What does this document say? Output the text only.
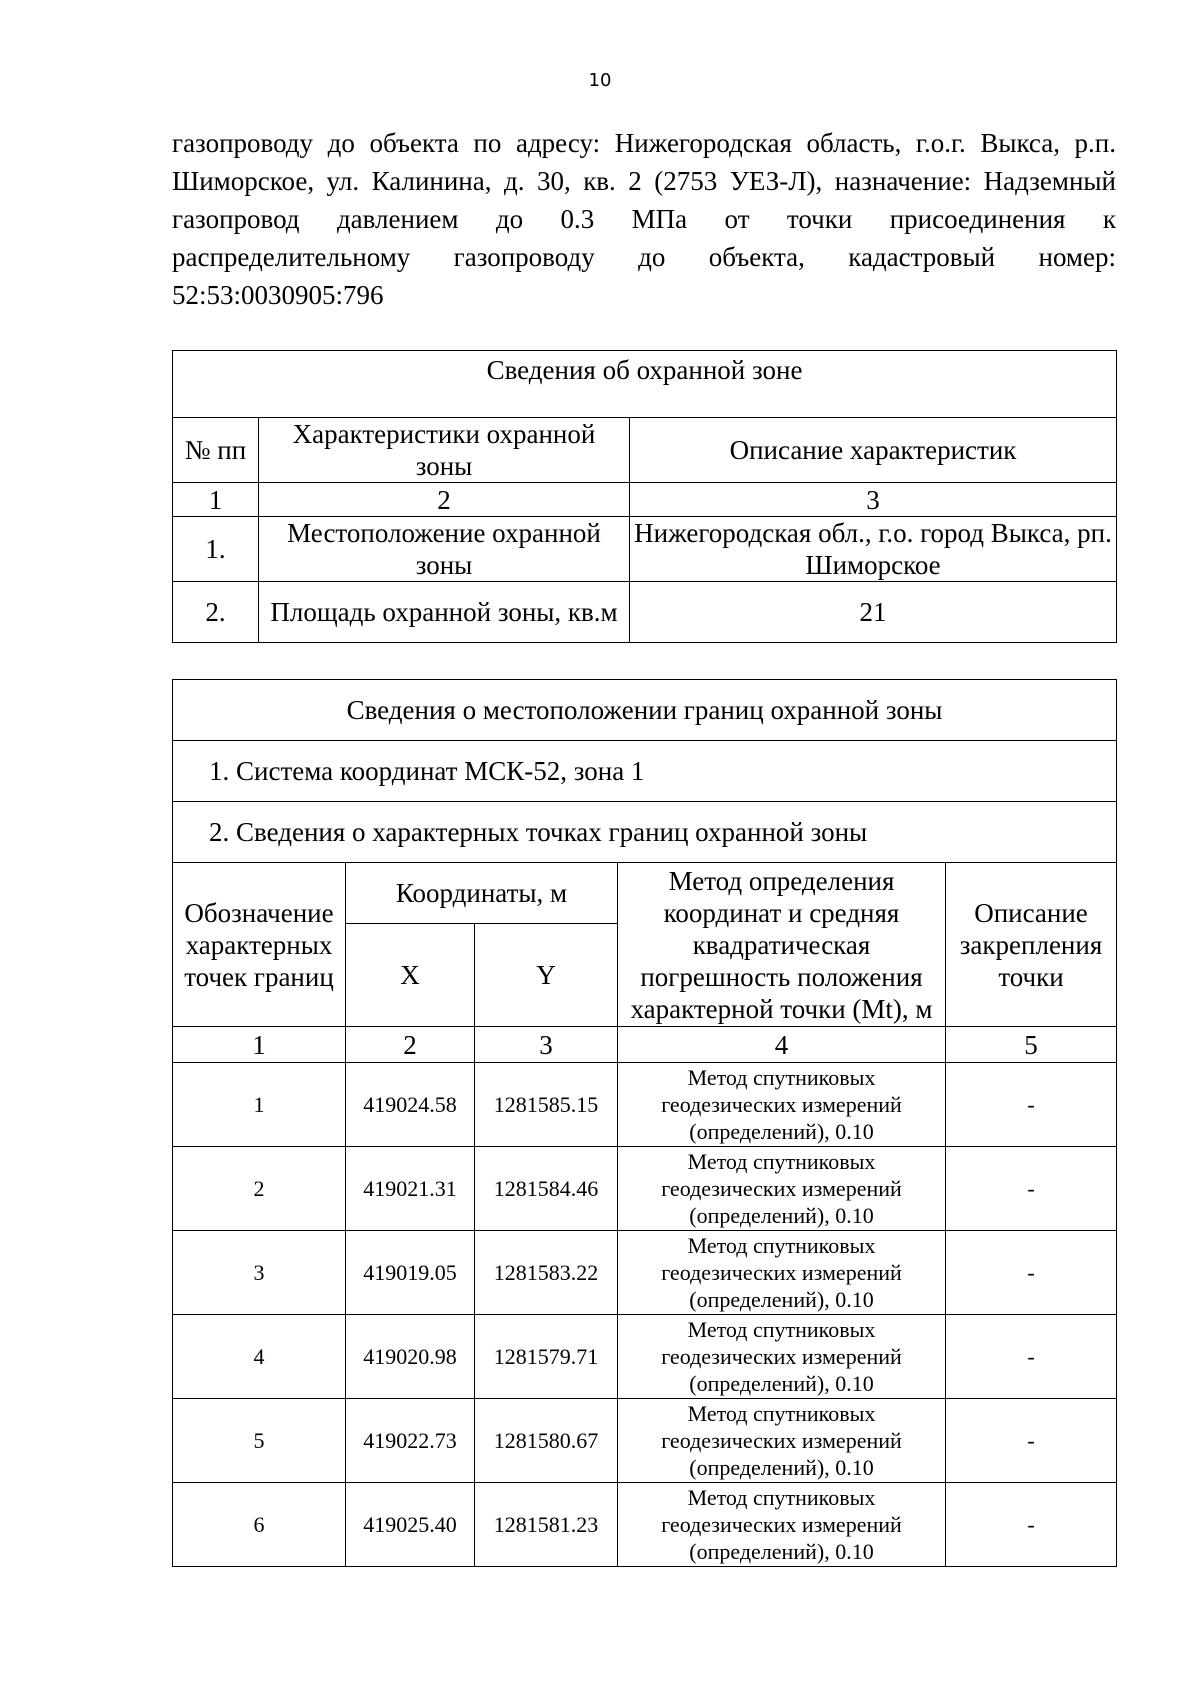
10
газопроводу до объекта по адресу: Нижегородская область, г.о.г. Выкса, р.п.
Шиморское, ул. Калинина, д. 30, кв. 2 (2753 УЕЗ-Л), назначение: Надземный
газопровод давлением до 0.3 МПа от точки присоединения к
распределительному газопроводу до объекта, кадастровый номер:
52:53:0030905:796
Сведения об охранной зоне		
№ пп	Характеристики охранной зоны	Описание характеристик
1	2	3
1.	Местоположение охранной зоны	Нижегородская обл., г.о. город Выкса, рп. Шиморское
2.	Площадь охранной зоны, кв.м	21
Сведения о местоположении границ охранной зоны				
1. Система координат МСК-52, зона 1				
2. Сведения о характерных точках границ охранной зоны				
Обозначение характерных точек границ	Координаты, м		Метод определения координат и средняя квадратическая погрешность положения характерной точки (Mt), м	Описание закрепления точки
	X	Y		
1	2	3	4	5
1	419024.58	1281585.15	Метод спутниковых геодезических измерений (определений), 0.10	-
2	419021.31	1281584.46	Метод спутниковых геодезических измерений (определений), 0.10	-
3	419019.05	1281583.22	Метод спутниковых геодезических измерений (определений), 0.10	-
4	419020.98	1281579.71	Метод спутниковых геодезических измерений (определений), 0.10	-
5	419022.73	1281580.67	Метод спутниковых геодезических измерений (определений), 0.10	-
6	419025.40	1281581.23	Метод спутниковых геодезических измерений (определений), 0.10	-
